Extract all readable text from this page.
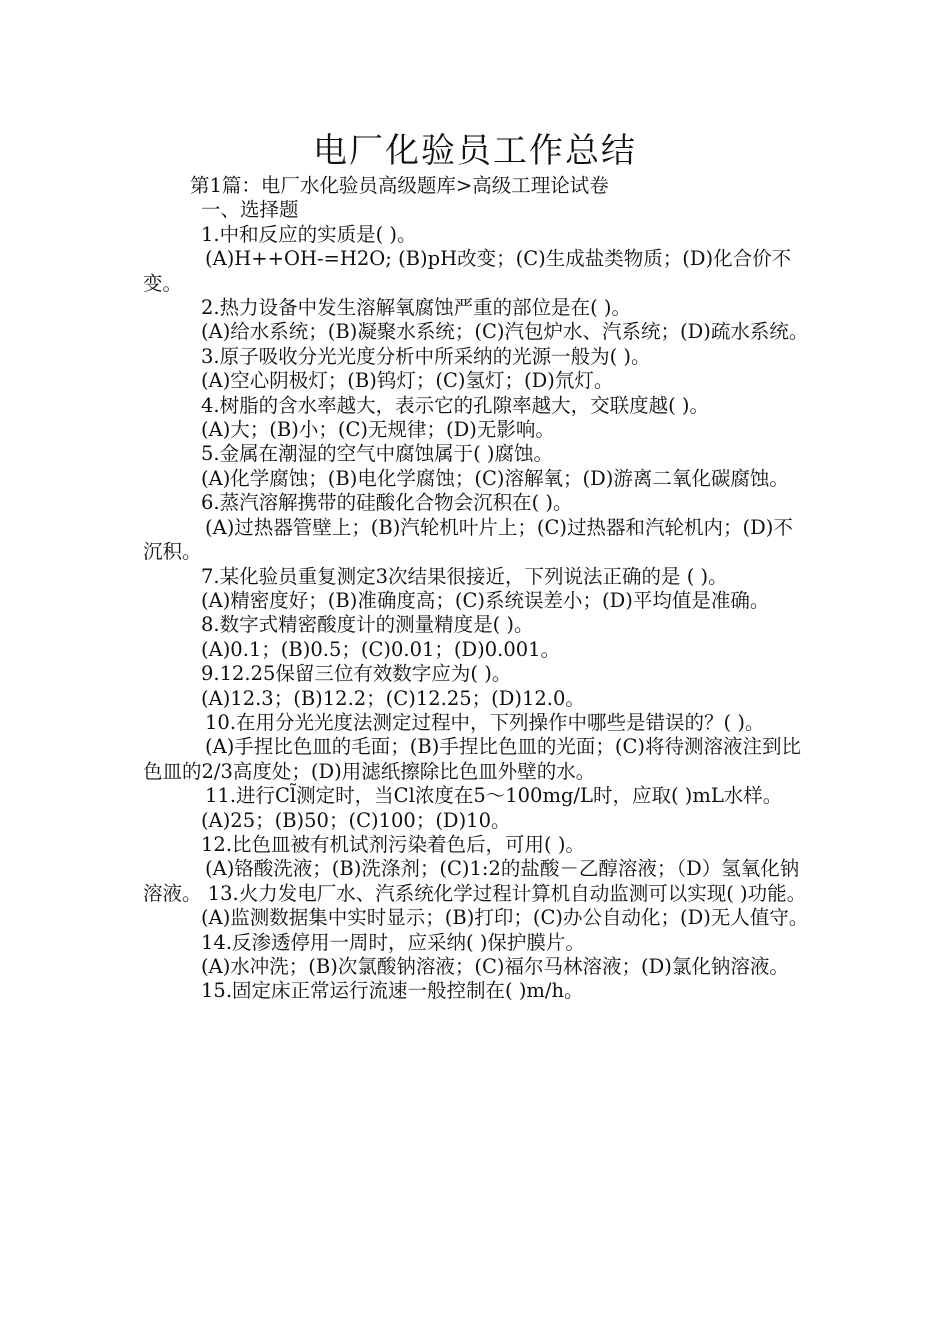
电厂化验员工作总结

第1篇：电厂水化验员高级题库>高级工理论试卷

一、选择题

1.中和反应的实质是( )。

(A)H++OH-=H2O; (B)pH改变；(C)生成盐类物质；(D)化合价不变。

2.热力设备中发生溶解氧腐蚀严重的部位是在( )。

(A)给水系统；(B)凝聚水系统；(C)汽包炉水、汽系统；(D)疏水系统。

3.原子吸收分光光度分析中所采纳的光源一般为( )。

(A)空心阴极灯；(B)钨灯；(C)氢灯；(D)氘灯。

4.树脂的含水率越大，表示它的孔隙率越大，交联度越( )。

(A)大；(B)小；(C)无规律；(D)无影响。

5.金属在潮湿的空气中腐蚀属于( )腐蚀。

(A)化学腐蚀；(B)电化学腐蚀；(C)溶解氧；(D)游离二氧化碳腐蚀。

6.蒸汽溶解携带的硅酸化合物会沉积在( )。

(A)过热器管壁上；(B)汽轮机叶片上；(C)过热器和汽轮机内；(D)不沉积。

7.某化验员重复测定3次结果很接近，下列说法正确的是 ( )。

(A)精密度好；(B)准确度高；(C)系统误差小；(D)平均值是准确。

8.数字式精密酸度计的测量精度是( )。

(A)0.1；(B)0.5；(C)0.01；(D)0.001。

9.12.25保留三位有效数字应为( )。

(A)12.3；(B)12.2；(C)12.25；(D)12.0。

10.在用分光光度法测定过程中，下列操作中哪些是错误的？( )。

(A)手捏比色皿的毛面；(B)手捏比色皿的光面；(C)将待测溶液注到比色皿的2/3高度处；(D)用滤纸擦除比色皿外壁的水。

11.进行Cl̃测定时，当Cl浓度在5～100mg/L时，应取( )mL水样。

(A)25；(B)50；(C)100；(D)10。

12.比色皿被有机试剂污染着色后，可用( )。

(A)铬酸洗液；(B)洗涤剂；(C)1:2的盐酸－乙醇溶液；（D）氢氧化钠溶液。 13.火力发电厂水、汽系统化学过程计算机自动监测可以实现( )功能。

(A)监测数据集中实时显示；(B)打印；(C)办公自动化；(D)无人值守。

14.反渗透停用一周时，应采纳( )保护膜片。

(A)水冲洗；(B)次氯酸钠溶液；(C)福尔马林溶液；(D)氯化钠溶液。

15.固定床正常运行流速一般控制在( )m/h。
